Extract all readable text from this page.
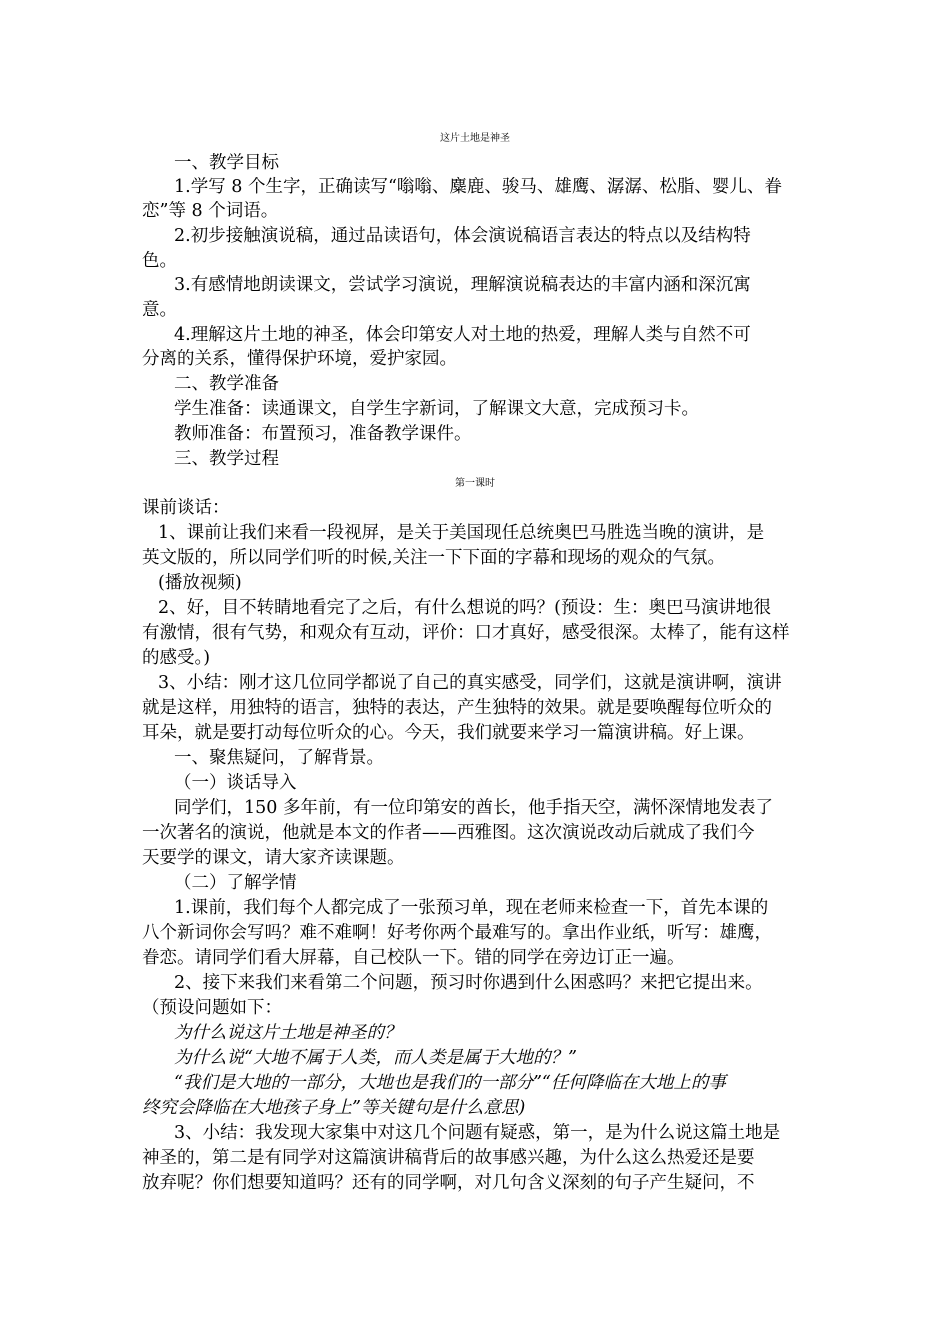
这片土地是神圣

一、教学目标

1.学写 8 个生字，正确读写“嗡嗡、麋鹿、骏马、雄鹰、潺潺、松脂、婴儿、眷

恋”等 8 个词语。

2.初步接触演说稿，通过品读语句，体会演说稿语言表达的特点以及结构特

色。

3.有感情地朗读课文，尝试学习演说，理解演说稿表达的丰富内涵和深沉寓

意。

4.理解这片土地的神圣，体会印第安人对土地的热爱，理解人类与自然不可

分离的关系，懂得保护环境，爱护家园。

二、教学准备

学生准备：读通课文，自学生字新词，了解课文大意，完成预习卡。

教师准备：布置预习，准备教学课件。

三、教学过程

第一课时

课前谈话：

1、课前让我们来看一段视屏，是关于美国现任总统奥巴马胜选当晚的演讲，是

英文版的，所以同学们听的时候,关注一下下面的字幕和现场的观众的气氛。

(播放视频)

2、好，目不转睛地看完了之后，有什么想说的吗？(预设：生：奥巴马演讲地很

有激情，很有气势，和观众有互动，评价：口才真好，感受很深。太棒了，能有这样

的感受。)

3、小结：刚才这几位同学都说了自己的真实感受，同学们，这就是演讲啊，演讲

就是这样，用独特的语言，独特的表达，产生独特的效果。就是要唤醒每位听众的

耳朵，就是要打动每位听众的心。今天，我们就要来学习一篇演讲稿。好上课。

一、聚焦疑问，了解背景。

（一）谈话导入

同学们，150 多年前，有一位印第安的酋长，他手指天空，满怀深情地发表了

一次著名的演说，他就是本文的作者——西雅图。这次演说改动后就成了我们今

天要学的课文，请大家齐读课题。

（二）了解学情

1.课前，我们每个人都完成了一张预习单，现在老师来检查一下，首先本课的

八个新词你会写吗？难不难啊！好考你两个最难写的。拿出作业纸，听写：雄鹰，

眷恋。请同学们看大屏幕，自己校队一下。错的同学在旁边订正一遍。

2、接下来我们来看第二个问题，预习时你遇到什么困惑吗？来把它提出来。

（预设问题如下：

为什么说这片土地是神圣的？

为什么说“大地不属于人类，而人类是属于大地的？”

“我们是大地的一部分，大地也是我们的一部分”“任何降临在大地上的事

终究会降临在大地孩子身上”等关键句是什么意思)

3、小结：我发现大家集中对这几个问题有疑惑，第一，是为什么说这篇土地是

神圣的，第二是有同学对这篇演讲稿背后的故事感兴趣，为什么这么热爱还是要

放弃呢？你们想要知道吗？还有的同学啊，对几句含义深刻的句子产生疑问，不
